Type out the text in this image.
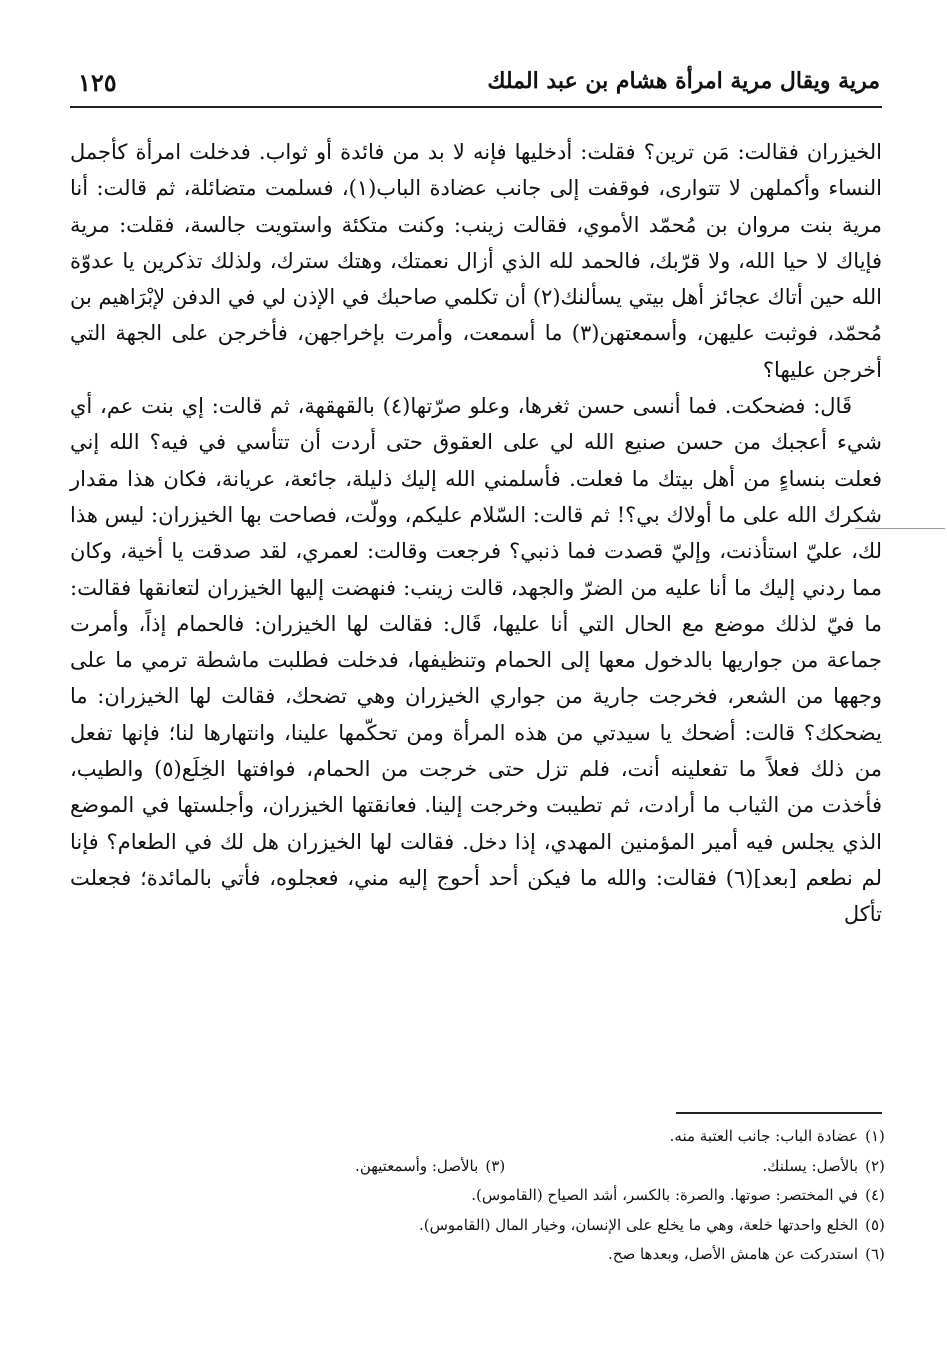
مرية ويقال مرية امرأة هشام بن عبد الملك
١٢٥

الخيزران فقالت: مَن ترين؟ فقلت: أدخليها فإنه لا بد من فائدة أو ثواب. فدخلت امرأة كأجمل النساء وأكملهن لا تتوارى، فوقفت إلى جانب عضادة الباب(١)، فسلمت متضائلة، ثم قالت: أنا مرية بنت مروان بن مُحمّد الأموي، فقالت زينب: وكنت متكئة واستويت جالسة، فقلت: مرية فإياك لا حيا الله، ولا قرّبك، فالحمد لله الذي أزال نعمتك، وهتك سترك، ولذلك تذكرين يا عدوّة الله حين أتاك عجائز أهل بيتي يسألنك(٢) أن تكلمي صاحبك في الإذن لي في الدفن لإبْرَاهيم بن مُحمّد، فوثبت عليهن، وأسمعتهن(٣) ما أسمعت، وأمرت بإخراجهن، فأخرجن على الجهة التي أخرجن عليها؟

قَال: فضحكت. فما أنسى حسن ثغرها، وعلو صرّتها(٤) بالقهقهة، ثم قالت: إي بنت عم، أي شيء أعجبك من حسن صنيع الله لي على العقوق حتى أردت أن تتأسي في فيه؟ الله إني فعلت بنساءٍ من أهل بيتك ما فعلت. فأسلمني الله إليك ذليلة، جائعة، عريانة، فكان هذا مقدار شكرك الله على ما أولاك بي؟! ثم قالت: السّلام عليكم، وولّت، فصاحت بها الخيزران: ليس هذا لك، عليّ استأذنت، وإليّ قصدت فما ذنبي؟ فرجعت وقالت: لعمري، لقد صدقت يا أخية، وكان مما ردني إليك ما أنا عليه من الضرّ والجهد، قالت زينب: فنهضت إليها الخيزران لتعانقها فقالت: ما فيّ لذلك موضع مع الحال التي أنا عليها، قَال: فقالت لها الخيزران: فالحمام إذاً، وأمرت جماعة من جواريها بالدخول معها إلى الحمام وتنظيفها، فدخلت فطلبت ماشطة ترمي ما على وجهها من الشعر، فخرجت جارية من جواري الخيزران وهي تضحك، فقالت لها الخيزران: ما يضحكك؟ قالت: أضحك يا سيدتي من هذه المرأة ومن تحكّمها علينا، وانتهارها لنا؛ فإنها تفعل من ذلك فعلاً ما تفعلينه أنت، فلم تزل حتى خرجت من الحمام، فوافتها الخِلَع(٥) والطيب، فأخذت من الثياب ما أرادت، ثم تطيبت وخرجت إلينا. فعانقتها الخيزران، وأجلستها في الموضع الذي يجلس فيه أمير المؤمنين المهدي، إذا دخل. فقالت لها الخيزران هل لك في الطعام؟ فإنا لم نطعم [بعد](٦) فقالت: والله ما فيكن أحد أحوج إليه مني، فعجلوه، فأتي بالمائدة؛ فجعلت تأكل

(١)
عضادة الباب: جانب العتبة منه.
(٢)
بالأصل: يسلنك.
(٣)
بالأصل: وأسمعتيهن.
(٤)
في المختصر: صوتها. والصرة: بالكسر، أشد الصياح (القاموس).
(٥)
الخلع واحدتها خلعة، وهي ما يخلع على الإنسان، وخيار المال (القاموس).
(٦)
استدركت عن هامش الأصل، وبعدها صح.
